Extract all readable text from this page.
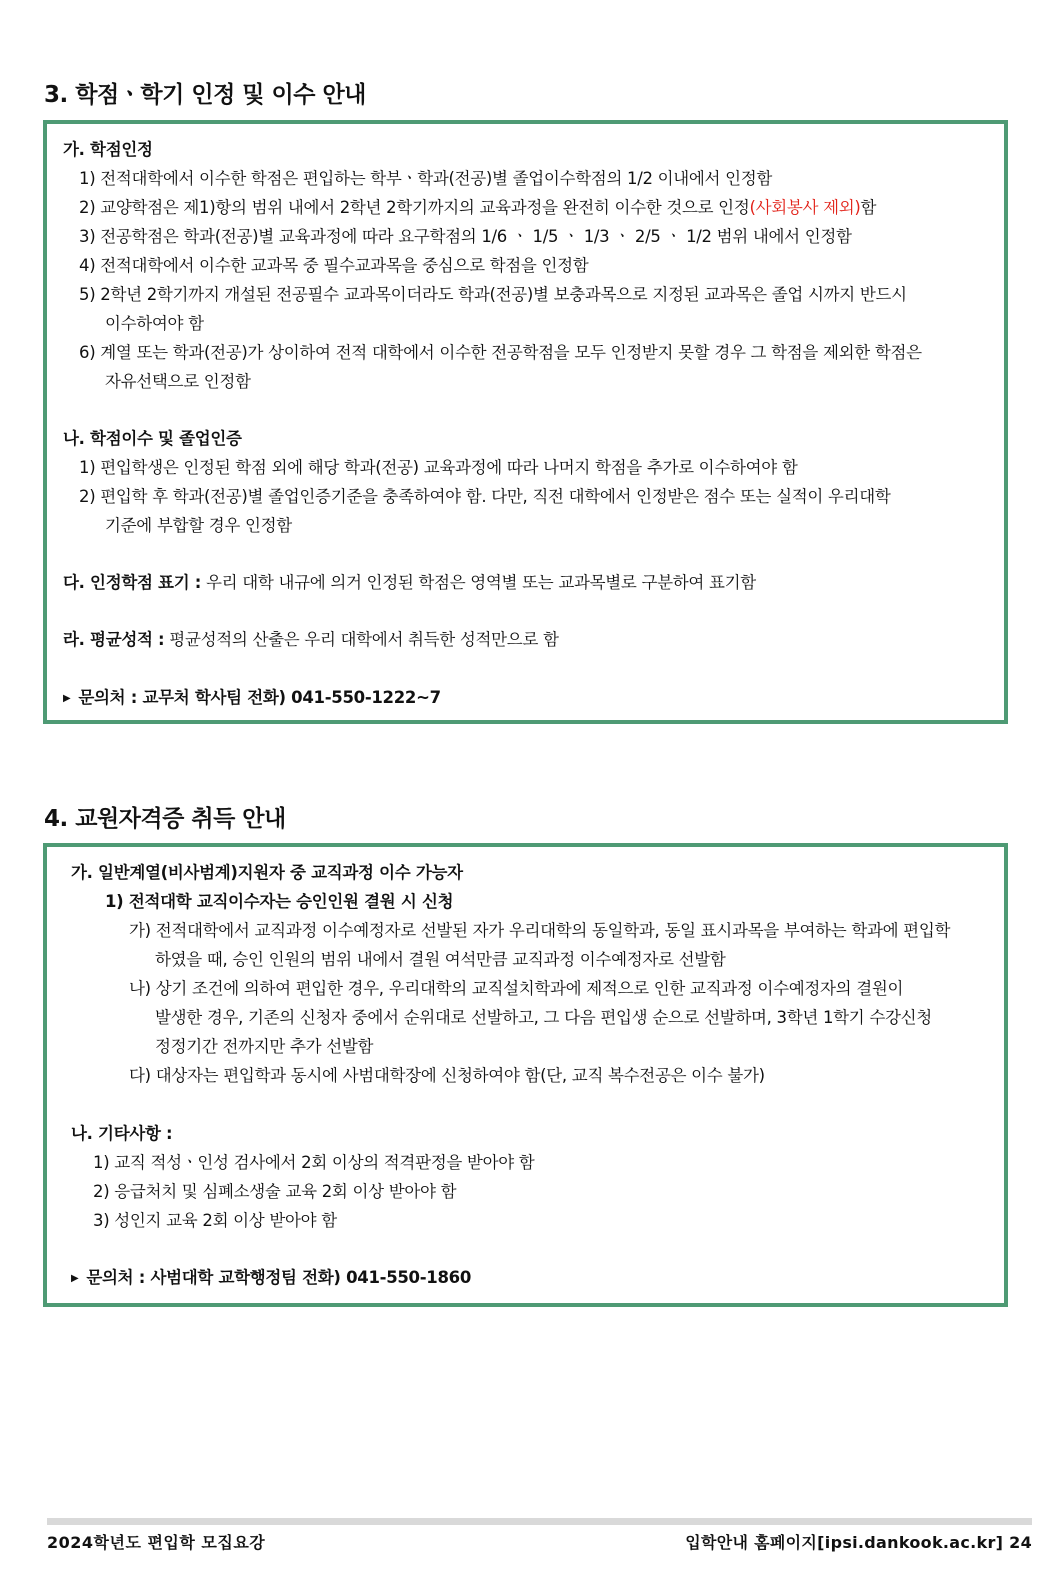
3. 학점ㆍ학기 인정 및 이수 안내
가. 학점인정
1) 전적대학에서 이수한 학점은 편입하는 학부ㆍ학과(전공)별 졸업이수학점의 1/2 이내에서 인정함
2) 교양학점은 제1)항의 범위 내에서 2학년 2학기까지의 교육과정을 완전히 이수한 것으로 인정(사회봉사 제외)함
3) 전공학점은 학과(전공)별 교육과정에 따라 요구학점의 1/6 ㆍ 1/5 ㆍ 1/3 ㆍ 2/5 ㆍ 1/2 범위 내에서 인정함
4) 전적대학에서 이수한 교과목 중 필수교과목을 중심으로 학점을 인정함
5) 2학년 2학기까지 개설된 전공필수 교과목이더라도 학과(전공)별 보충과목으로 지정된 교과목은 졸업 시까지 반드시
이수하여야 함
6) 계열 또는 학과(전공)가 상이하여 전적 대학에서 이수한 전공학점을 모두 인정받지 못할 경우 그 학점을 제외한 학점은
자유선택으로 인정함
나. 학점이수 및 졸업인증
1) 편입학생은 인정된 학점 외에 해당 학과(전공) 교육과정에 따라 나머지 학점을 추가로 이수하여야 함
2) 편입학 후 학과(전공)별 졸업인증기준을 충족하여야 함. 다만, 직전 대학에서 인정받은 점수 또는 실적이 우리대학
기준에 부합할 경우 인정함
다. 인정학점 표기 : 우리 대학 내규에 의거 인정된 학점은 영역별 또는 교과목별로 구분하여 표기함
라. 평균성적 : 평균성적의 산출은 우리 대학에서 취득한 성적만으로 함
▶ 문의처 : 교무처 학사팀 전화) 041-550-1222~7
4. 교원자격증 취득 안내
가. 일반계열(비사범계)지원자 중 교직과정 이수 가능자
1) 전적대학 교직이수자는 승인인원 결원 시 신청
가) 전적대학에서 교직과정 이수예정자로 선발된 자가 우리대학의 동일학과, 동일 표시과목을 부여하는 학과에 편입학
하였을 때, 승인 인원의 범위 내에서 결원 여석만큼 교직과정 이수예정자로 선발함
나) 상기 조건에 의하여 편입한 경우, 우리대학의 교직설치학과에 제적으로 인한 교직과정 이수예정자의 결원이
발생한 경우, 기존의 신청자 중에서 순위대로 선발하고, 그 다음 편입생 순으로 선발하며, 3학년 1학기 수강신청
정정기간 전까지만 추가 선발함
다) 대상자는 편입학과 동시에 사범대학장에 신청하여야 함(단, 교직 복수전공은 이수 불가)
나. 기타사항 :
1) 교직 적성ㆍ인성 검사에서 2회 이상의 적격판정을 받아야 함
2) 응급처치 및 심폐소생술 교육 2회 이상 받아야 함
3) 성인지 교육 2회 이상 받아야 함
▶ 문의처 : 사범대학 교학행정팀 전화) 041-550-1860
2024학년도 편입학 모집요강	입학안내 홈페이지[ipsi.dankook.ac.kr] 24
